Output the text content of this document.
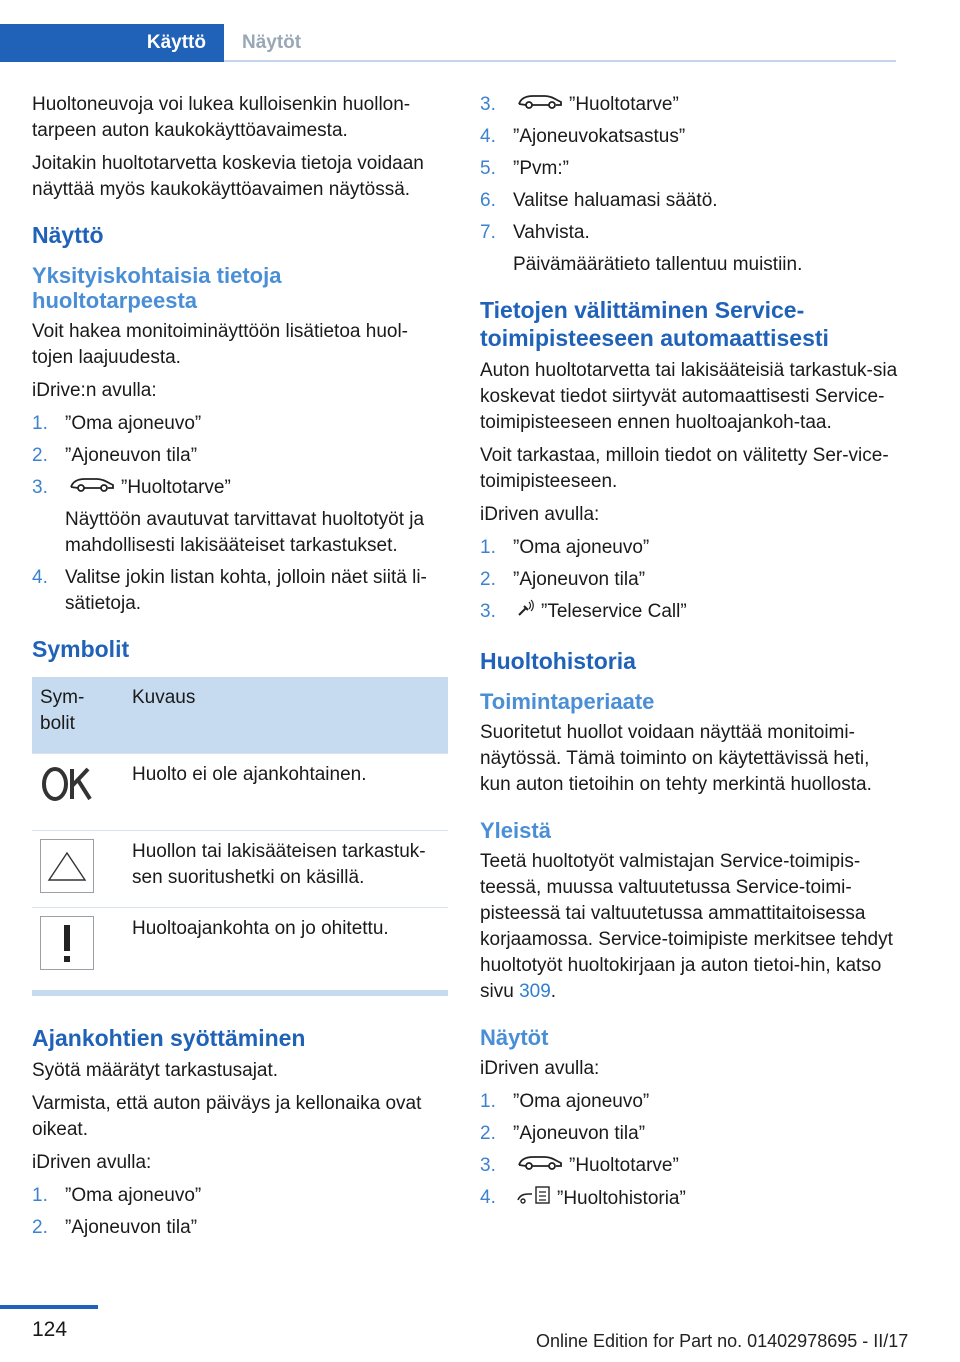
Käyttö	Näytöt

Huoltoneuvoja voi lukea kulloisenkin huollon-tarpeen auton kaukokäyttöavaimesta.

Joitakin huoltotarvetta koskevia tietoja voidaan näyttää myös kaukokäyttöavaimen näytössä.

Näyttö
Yksityiskohtaisia tietoja huoltotarpeesta

Voit hakea monitoiminäyttöön lisätietoa huol-tojen laajuudesta.

iDrive:n avulla:

1. ”Oma ajoneuvo”
2. ”Ajoneuvon tila”
3.	”Huoltotarve”
Näyttöön avautuvat tarvittavat huoltotyöt ja mahdollisesti lakisääteiset tarkastukset.
4. Valitse jokin listan kohta, jolloin näet siitä li-sätietoja.
Symbolit
Sym-bolit	Kuvaus
	Huolto ei ole ajankohtainen.

	Huollon tai lakisääteisen tarkastuk-sen suoritushetki on käsillä.

	Huoltoajankohta on jo ohitettu.
Ajankohtien syöttäminen

Syötä määrätyt tarkastusajat.

Varmista, että auton päiväys ja kellonaika ovat oikeat.

iDriven avulla:

1. ”Oma ajoneuvo”
2. ”Ajoneuvon tila”
3.	”Huoltotarve”
4. ”Ajoneuvokatsastus”
5. ”Pvm:”
6. Valitse haluamasi säätö.
7. Vahvista.
Päivämäärätieto tallentuu muistiin.
Tietojen välittäminen Service-toimipisteeseen automaattisesti

Auton huoltotarvetta tai lakisääteisiä tarkastuk-sia koskevat tiedot siirtyvät automaattisesti Service-toimipisteeseen ennen huoltoajankoh-taa.

Voit tarkastaa, milloin tiedot on välitetty Ser-vice-toimipisteeseen.

iDriven avulla:

1. ”Oma ajoneuvo”
2. ”Ajoneuvon tila”
3. ”Teleservice Call”
Huoltohistoria
Toimintaperiaate

Suoritetut huollot voidaan näyttää monitoimi-näytössä. Tämä toiminto on käytettävissä heti, kun auton tietoihin on tehty merkintä huollosta.

Yleistä

Teetä huoltotyöt valmistajan Service-toimipis-teessä, muussa valtuutetussa Service-toimi-pisteessä tai valtuutetussa ammattitaitoisessa korjaamossa. Service-toimipiste merkitsee tehdyt huoltotyöt huoltokirjaan ja auton tietoi-hin, katso sivu 309.

Näytöt

iDriven avulla:

1. ”Oma ajoneuvo”
2. ”Ajoneuvon tila”
3.	”Huoltotarve”
4.	”Huoltohistoria”
124	Online Edition for Part no. 01402978695 - II/17
